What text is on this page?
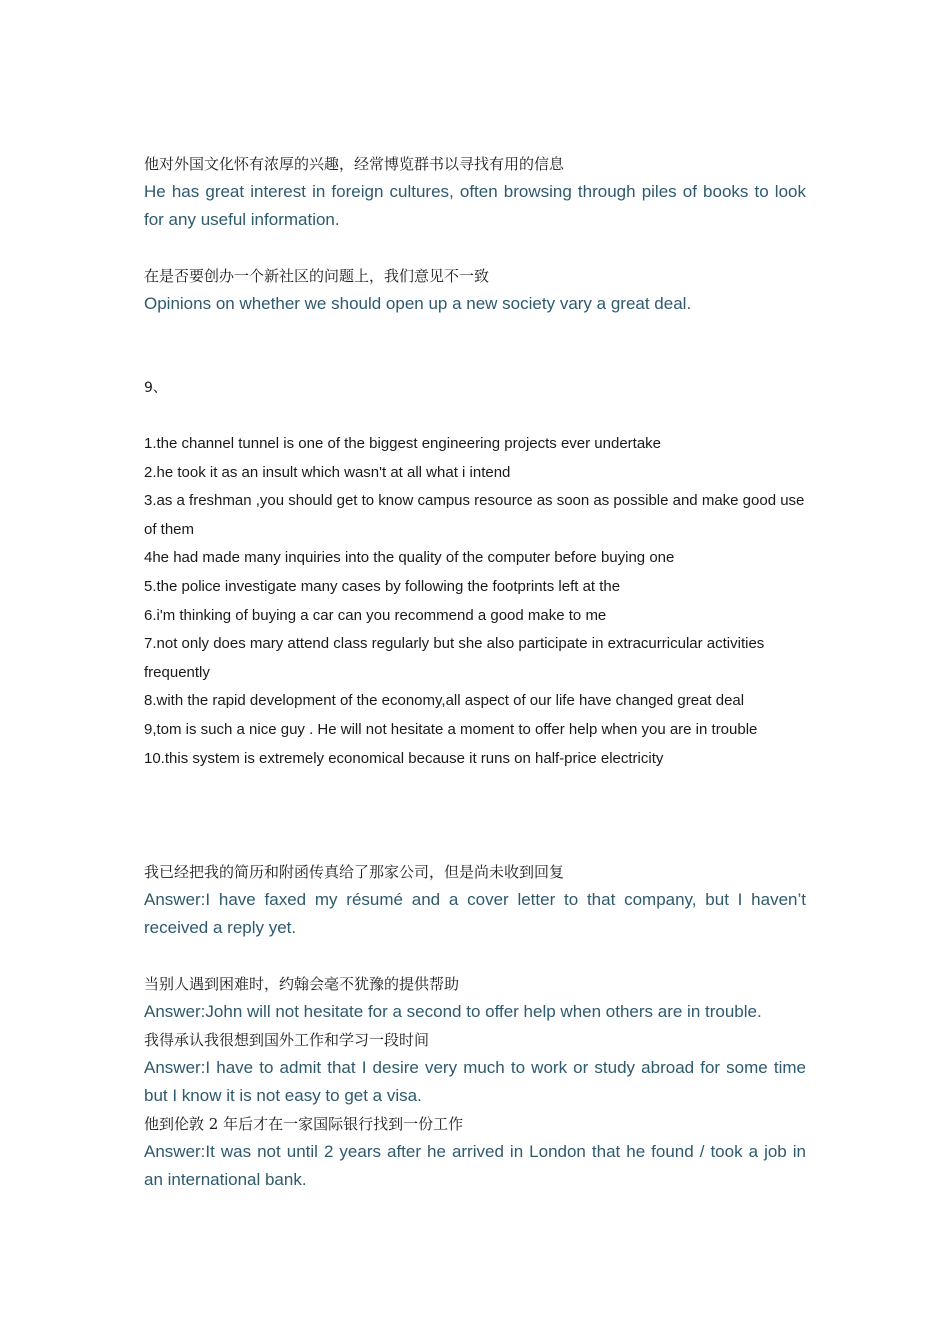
他对外国文化怀有浓厚的兴趣，经常博览群书以寻找有用的信息

He has great interest in foreign cultures, often browsing through piles of books to look for any useful information.

在是否要创办一个新社区的问题上，我们意见不一致

Opinions on whether we should open up a new society vary a great deal.

9、

1.the channel tunnel is one of the biggest engineering projects ever undertake

2.he took it as an insult which wasn't at all what i intend

3.as a freshman ,you should get to know campus resource as soon as possible and make good use of them

4he had made many inquiries into the quality of the computer before buying one

5.the police investigate many cases by following the footprints left at the

6.i'm thinking of buying a car can you recommend a good make to me

7.not only does mary attend class regularly but she also participate in extracurricular activities frequently

8.with the rapid development of the economy,all aspect of our life have changed great deal

9,tom is such a nice guy . He will not hesitate a moment to offer help when you are in trouble

10.this system is extremely economical because it runs on half-price electricity

我已经把我的简历和附函传真给了那家公司，但是尚未收到回复

Answer:I have faxed my résumé and a cover letter to that company, but I haven’t received a reply yet.

当别人遇到困难时，约翰会毫不犹豫的提供帮助

Answer:John will not hesitate for a second to offer help when others are in trouble.

我得承认我很想到国外工作和学习一段时间

Answer:I have to admit that I desire very much to work or study abroad for some time but I know it is not easy to get a visa.

他到伦敦 2 年后才在一家国际银行找到一份工作

Answer:It was not until 2 years after he arrived in London that he found / took a job in an international bank.
